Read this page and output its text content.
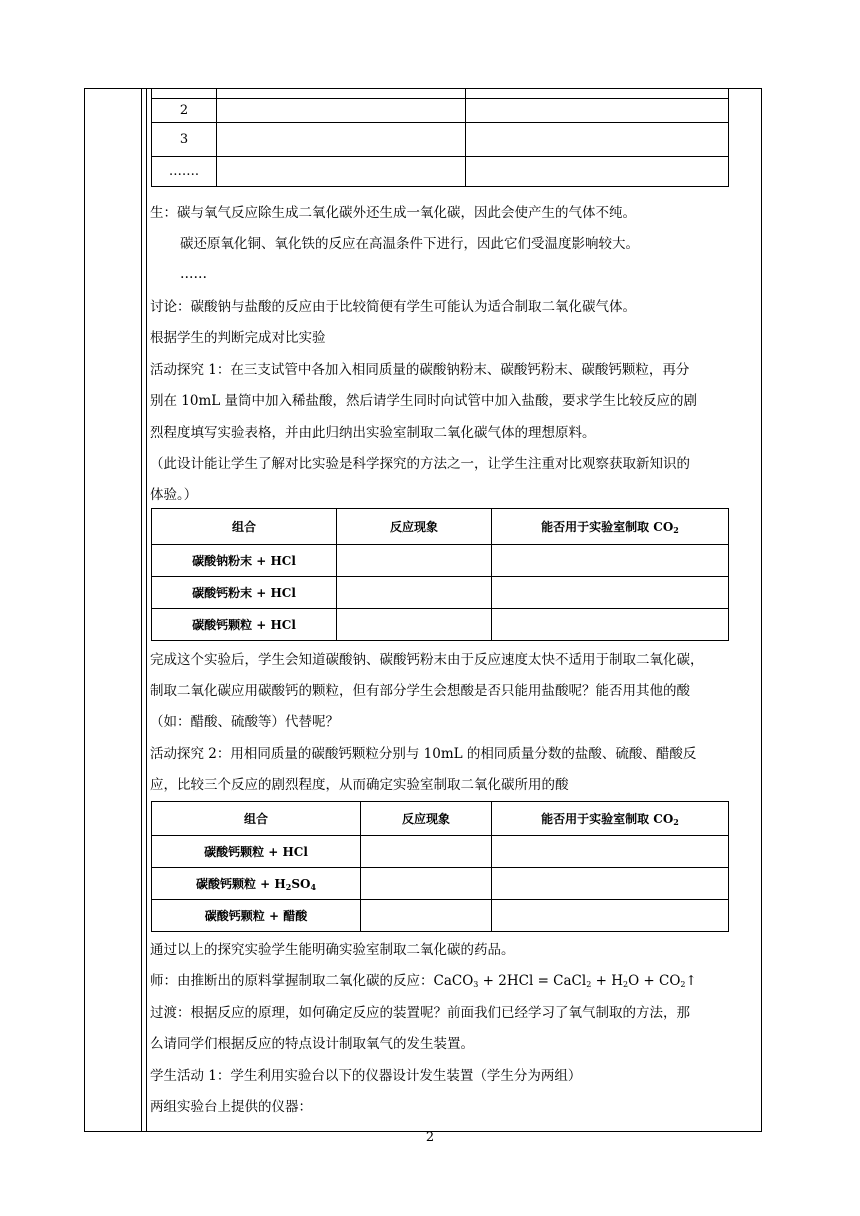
2		
3		
…….		
生：碳与氧气反应除生成二氧化碳外还生成一氧化碳，因此会使产生的气体不纯。
碳还原氧化铜、氧化铁的反应在高温条件下进行，因此它们受温度影响较大。
……
讨论：碳酸钠与盐酸的反应由于比较简便有学生可能认为适合制取二氧化碳气体。
根据学生的判断完成对比实验
活动探究 1：在三支试管中各加入相同质量的碳酸钠粉末、碳酸钙粉末、碳酸钙颗粒，再分
别在 10mL 量筒中加入稀盐酸，然后请学生同时向试管中加入盐酸，要求学生比较反应的剧
烈程度填写实验表格，并由此归纳出实验室制取二氧化碳气体的理想原料。
（此设计能让学生了解对比实验是科学探究的方法之一，让学生注重对比观察获取新知识的
体验。）
组合	反应现象	能否用于实验室制取 $CO_2$
碳酸钠粉末 + HCl		
碳酸钙粉末 + HCl		
碳酸钙颗粒 + HCl		
完成这个实验后，学生会知道碳酸钠、碳酸钙粉末由于反应速度太快不适用于制取二氧化碳，
制取二氧化碳应用碳酸钙的颗粒，但有部分学生会想酸是否只能用盐酸呢？能否用其他的酸
（如：醋酸、硫酸等）代替呢？
活动探究 2：用相同质量的碳酸钙颗粒分别与 10mL 的相同质量分数的盐酸、硫酸、醋酸反
应，比较三个反应的剧烈程度，从而确定实验室制取二氧化碳所用的酸
组合	反应现象	能否用于实验室制取 $CO_2$
碳酸钙颗粒 + HCl		
碳酸钙颗粒 + $H_2SO_4$		
碳酸钙颗粒 + 醋酸		
通过以上的探究实验学生能明确实验室制取二氧化碳的药品。
师：由推断出的原料掌握制取二氧化碳的反应：CaCO$_3$ + 2HCl = CaCl$_2$ + $H_2O$ + $CO_2↑$
过渡：根据反应的原理，如何确定反应的装置呢？前面我们已经学习了氧气制取的方法，那
么请同学们根据反应的特点设计制取氧气的发生装置。
学生活动 1：学生利用实验台以下的仪器设计发生装置（学生分为两组）
两组实验台上提供的仪器：
2
